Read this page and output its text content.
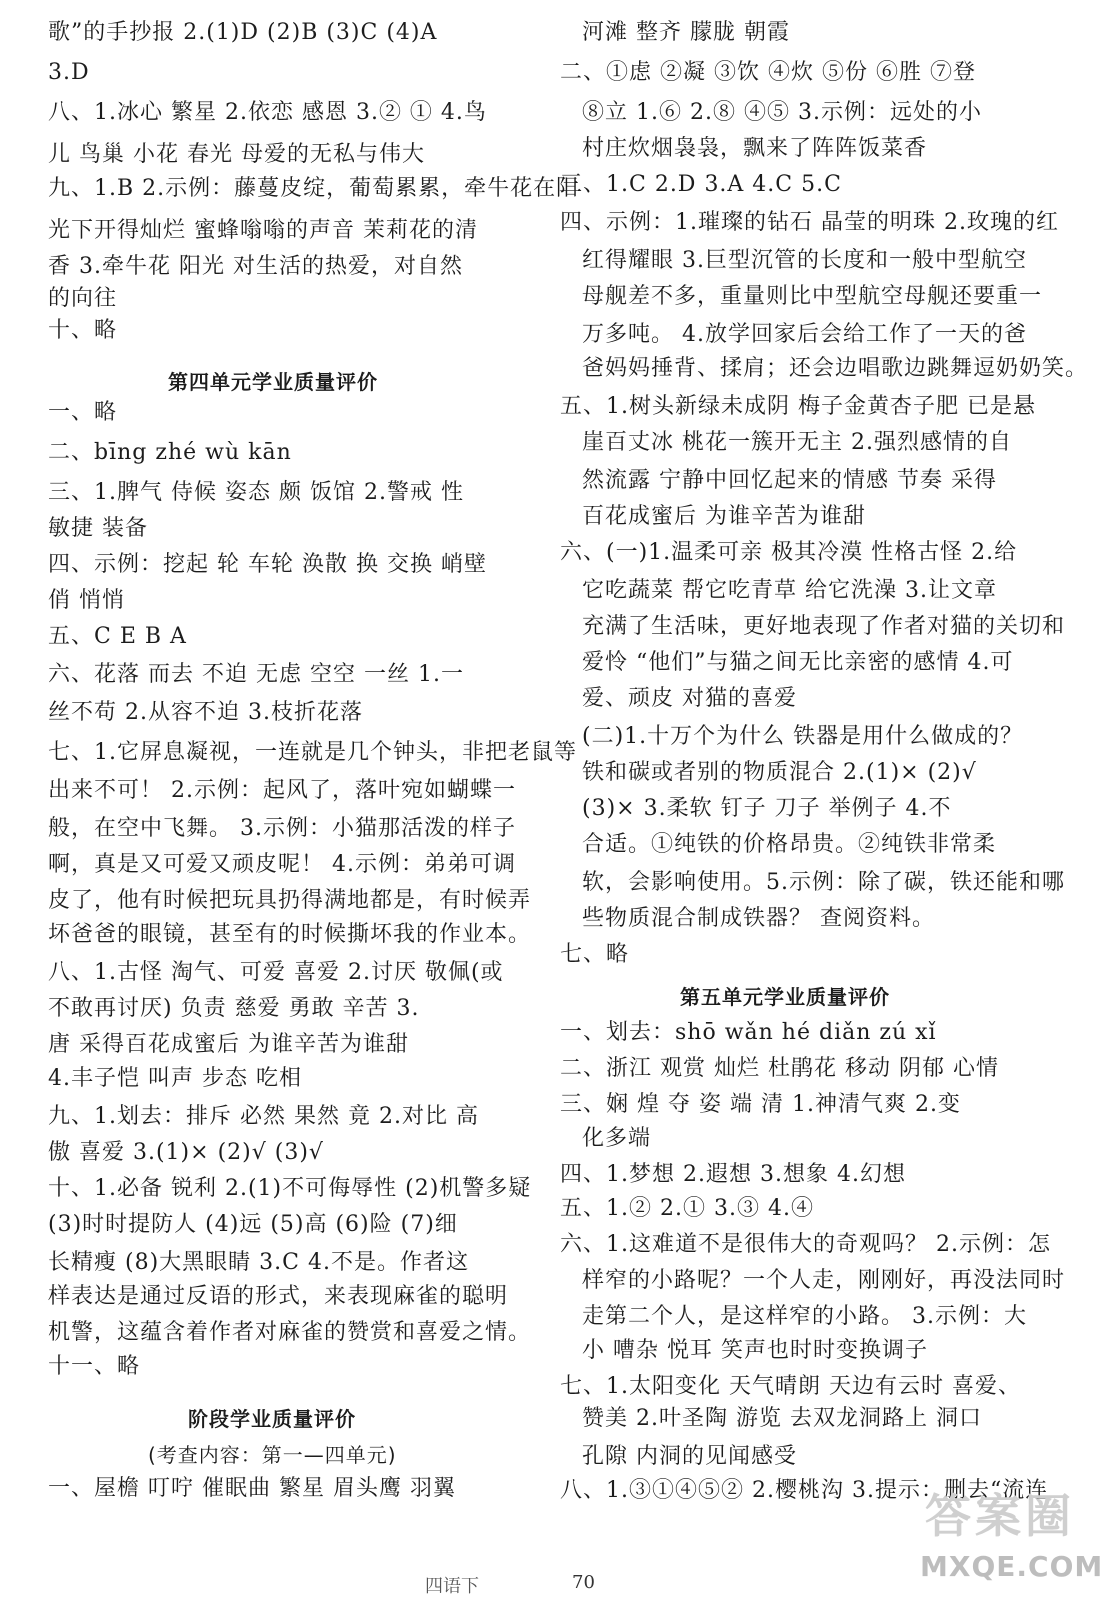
歌”的手抄报 2.(1)D (2)B (3)C (4)A
3.D
八、1.冰心 繁星 2.依恋 感恩 3.② ① 4.鸟
儿 鸟巢 小花 春光 母爱的无私与伟大
九、1.B 2.示例：藤蔓皮绽，葡萄累累，牵牛花在阳
光下开得灿烂 蜜蜂嗡嗡的声音 茉莉花的清
香 3.牵牛花 阳光 对生活的热爱，对自然
的向往
十、略
第四单元学业质量评价
一、略
二、bīng zhé wù kān
三、1.脾气 侍候 姿态 颇 饭馆 2.警戒 性
敏捷 装备
四、示例：挖起 轮 车轮 涣散 换 交换 峭壁
俏 悄悄
五、C E B A
六、花落 而去 不迫 无虑 空空 一丝 1.一
丝不苟 2.从容不迫 3.枝折花落
七、1.它屏息凝视，一连就是几个钟头，非把老鼠等
出来不可！ 2.示例：起风了，落叶宛如蝴蝶一
般，在空中飞舞。 3.示例：小猫那活泼的样子
啊，真是又可爱又顽皮呢！ 4.示例：弟弟可调
皮了，他有时候把玩具扔得满地都是，有时候弄
坏爸爸的眼镜，甚至有的时候撕坏我的作业本。
八、1.古怪 淘气、可爱 喜爱 2.讨厌 敬佩(或
不敢再讨厌) 负责 慈爱 勇敢 辛苦 3.
唐 采得百花成蜜后 为谁辛苦为谁甜
4.丰子恺 叫声 步态 吃相
九、1.划去：排斥 必然 果然 竟 2.对比 高
傲 喜爱 3.(1)× (2)√ (3)√
十、1.必备 锐利 2.(1)不可侮辱性 (2)机警多疑
(3)时时提防人 (4)远 (5)高 (6)险 (7)细
长精瘦 (8)大黑眼睛 3.C 4.不是。作者这
样表达是通过反语的形式，来表现麻雀的聪明
机警，这蕴含着作者对麻雀的赞赏和喜爱之情。
十一、略
阶段学业质量评价
(考查内容：第一—四单元)
一、屋檐 叮咛 催眠曲 繁星 眉头鹰 羽翼
河滩 整齐 朦胧 朝霞
二、①虑 ②凝 ③饮 ④炊 ⑤份 ⑥胜 ⑦登
⑧立 1.⑥ 2.⑧ ④⑤ 3.示例：远处的小
村庄炊烟袅袅，飘来了阵阵饭菜香
三、1.C 2.D 3.A 4.C 5.C
四、示例：1.璀璨的钻石 晶莹的明珠 2.玫瑰的红
红得耀眼 3.巨型沉管的长度和一般中型航空
母舰差不多，重量则比中型航空母舰还要重一
万多吨。 4.放学回家后会给工作了一天的爸
爸妈妈捶背、揉肩；还会边唱歌边跳舞逗奶奶笑。
五、1.树头新绿未成阴 梅子金黄杏子肥 已是悬
崖百丈冰 桃花一簇开无主 2.强烈感情的自
然流露 宁静中回忆起来的情感 节奏 采得
百花成蜜后 为谁辛苦为谁甜
六、(一)1.温柔可亲 极其冷漠 性格古怪 2.给
它吃蔬菜 帮它吃青草 给它洗澡 3.让文章
充满了生活味，更好地表现了作者对猫的关切和
爱怜 “他们”与猫之间无比亲密的感情 4.可
爱、顽皮 对猫的喜爱
(二)1.十万个为什么 铁器是用什么做成的？
铁和碳或者别的物质混合 2.(1)× (2)√
(3)× 3.柔软 钉子 刀子 举例子 4.不
合适。①纯铁的价格昂贵。②纯铁非常柔
软，会影响使用。5.示例：除了碳，铁还能和哪
些物质混合制成铁器？ 查阅资料。
七、略
第五单元学业质量评价
一、划去：shō wǎn hé diǎn zú xǐ
二、浙江 观赏 灿烂 杜鹃花 移动 阴郁 心情
三、娴 煌 夺 姿 端 清 1.神清气爽 2.变
化多端
四、1.梦想 2.遐想 3.想象 4.幻想
五、1.② 2.① 3.③ 4.④
六、1.这难道不是很伟大的奇观吗？ 2.示例：怎
样窄的小路呢？一个人走，刚刚好，再没法同时
走第二个人，是这样窄的小路。 3.示例：大
小 嘈杂 悦耳 笑声也时时变换调子
七、1.太阳变化 天气晴朗 天边有云时 喜爱、
赞美 2.叶圣陶 游览 去双龙洞路上 洞口
孔隙 内洞的见闻感受
八、1.③①④⑤② 2.樱桃沟 3.提示：删去“流连
四语下	70
答案圈
MXQE.COM
